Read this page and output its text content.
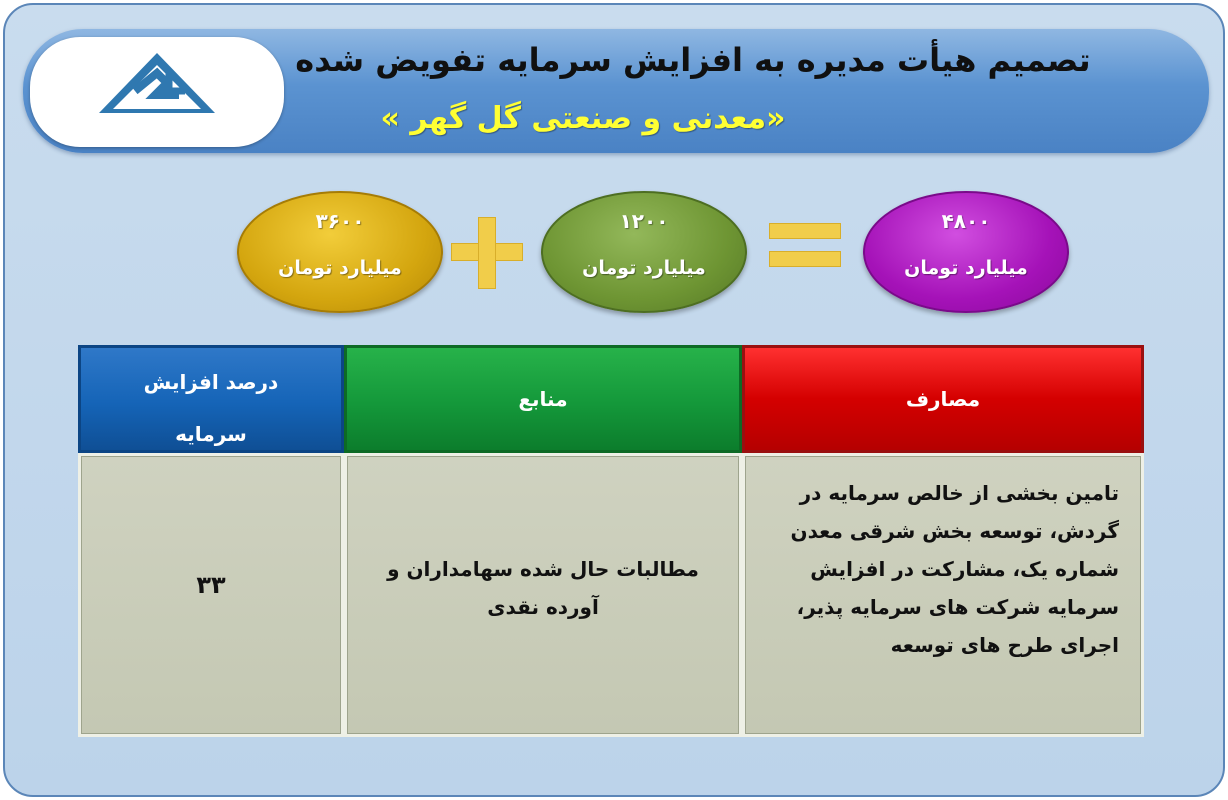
تصمیم هیأت مدیره به افزایش سرمایه تفویض شده
«معدنی و صنعتی گل گهر »
۳۶۰۰
میلیارد تومان
۱۲۰۰
میلیارد تومان
۴۸۰۰
میلیارد تومان
مصارف
منابع
درصد افزایش
سرمایه

تامین بخشی از خالص سرمایه در گردش، توسعه بخش شرقی معدن شماره یک، مشارکت در افزایش سرمایه شرکت های سرمایه پذیر، اجرای طرح های توسعه

مطالبات حال شده سهامداران و آورده نقدی

۳۳
